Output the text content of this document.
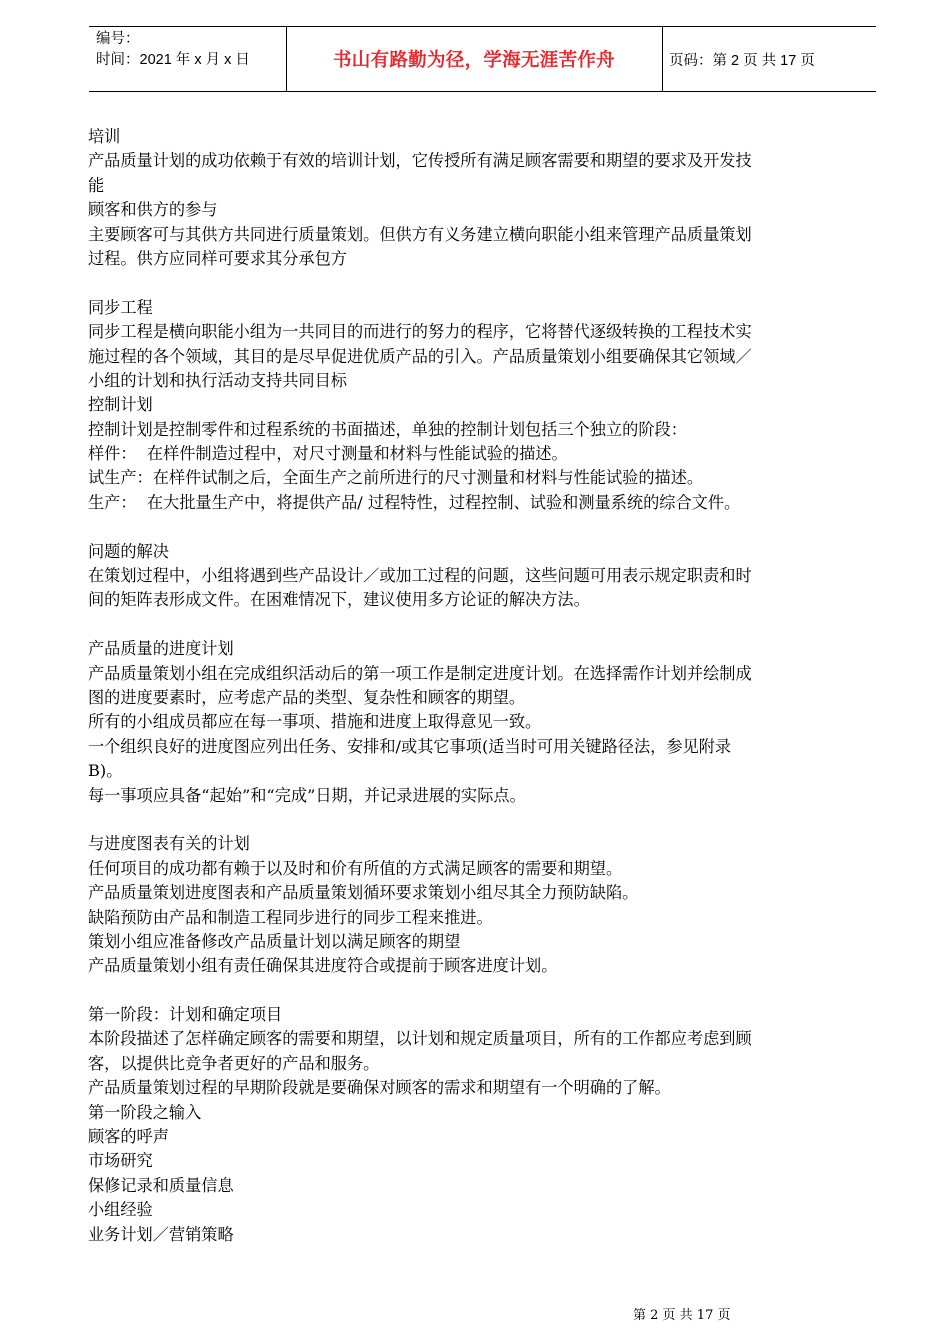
编号：
时间：2021 年 x 月 x 日	书山有路勤为径，学海无涯苦作舟	页码：第 2 页 共 17 页
培训
产品质量计划的成功依赖于有效的培训计划，它传授所有满足顾客需要和期望的要求及开发技
能
顾客和供方的参与
主要顾客可与其供方共同进行质量策划。但供方有义务建立横向职能小组来管理产品质量策划
过程。供方应同样可要求其分承包方
同步工程
同步工程是横向职能小组为一共同目的而进行的努力的程序，它将替代逐级转换的工程技术实
施过程的各个领域，其目的是尽早促进优质产品的引入。产品质量策划小组要确保其它领域／
小组的计划和执行活动支持共同目标
控制计划
控制计划是控制零件和过程系统的书面描述，单独的控制计划包括三个独立的阶段：
样件：  在样件制造过程中，对尺寸测量和材料与性能试验的描述。
试生产：在样件试制之后，全面生产之前所进行的尺寸测量和材料与性能试验的描述。
生产：  在大批量生产中，将提供产品/ 过程特性，过程控制、试验和测量系统的综合文件。
问题的解决
在策划过程中，小组将遇到些产品设计／或加工过程的问题，这些问题可用表示规定职责和时
间的矩阵表形成文件。在困难情况下，建议使用多方论证的解决方法。
产品质量的进度计划
产品质量策划小组在完成组织活动后的第一项工作是制定进度计划。在选择需作计划并绘制成
图的进度要素时，应考虑产品的类型、复杂性和顾客的期望。
所有的小组成员都应在每一事项、措施和进度上取得意见一致。
一个组织良好的进度图应列出任务、安排和/或其它事项(适当时可用关键路径法，参见附录
B)。
每一事项应具备“起始”和“完成”日期，并记录进展的实际点。
与进度图表有关的计划
任何项目的成功都有赖于以及时和价有所值的方式满足顾客的需要和期望。
产品质量策划进度图表和产品质量策划循环要求策划小组尽其全力预防缺陷。
缺陷预防由产品和制造工程同步进行的同步工程来推进。
策划小组应准备修改产品质量计划以满足顾客的期望
产品质量策划小组有责任确保其进度符合或提前于顾客进度计划。
第一阶段：计划和确定项目
本阶段描述了怎样确定顾客的需要和期望，以计划和规定质量项目，所有的工作都应考虑到顾
客，以提供比竞争者更好的产品和服务。
产品质量策划过程的早期阶段就是要确保对顾客的需求和期望有一个明确的了解。
第一阶段之输入
顾客的呼声
市场研究
保修记录和质量信息
小组经验
业务计划／营销策略
第 2 页 共 17 页
